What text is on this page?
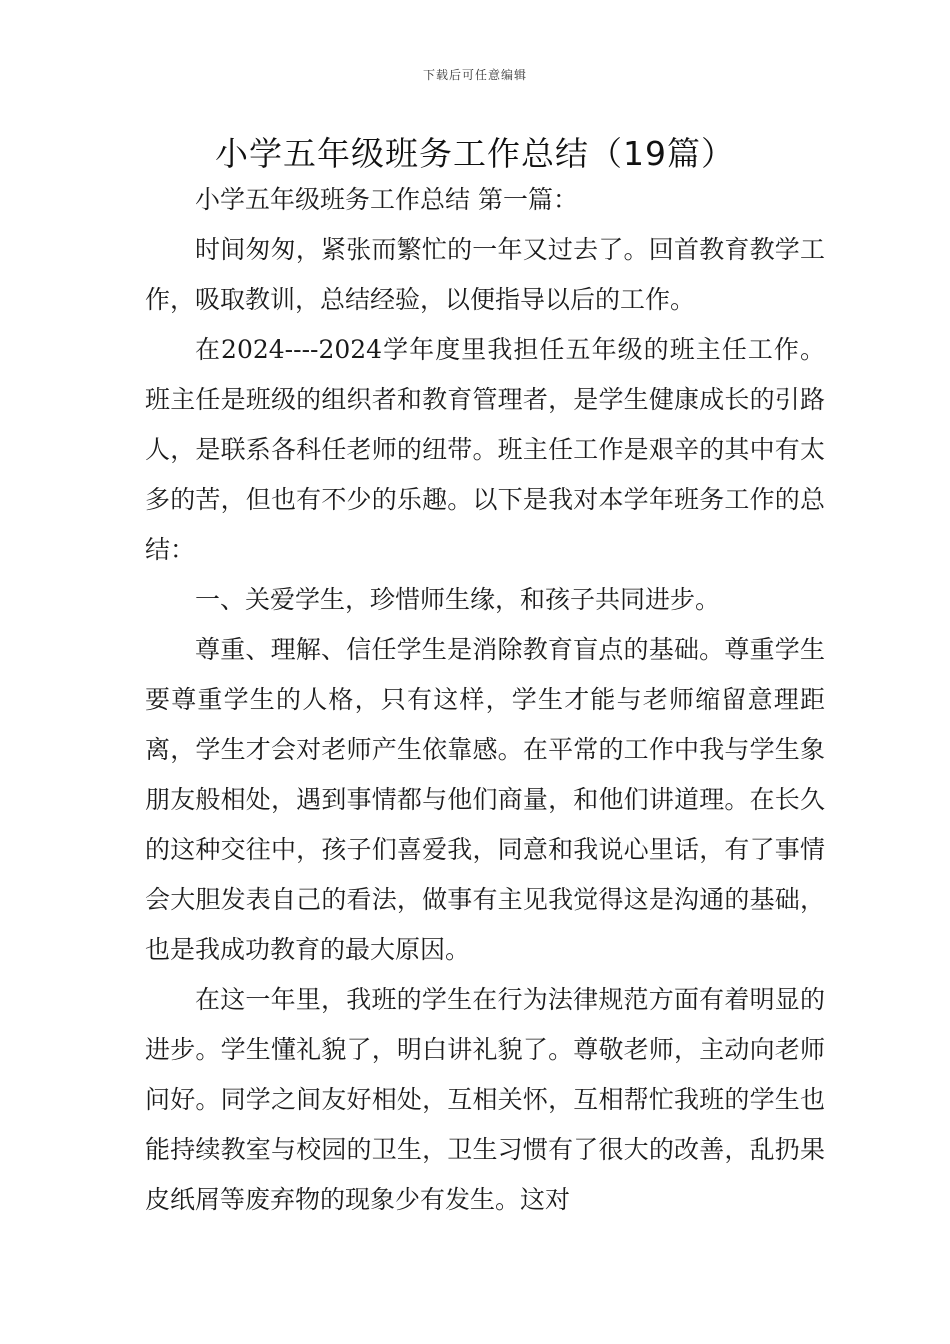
下载后可任意编辑
小学五年级班务工作总结（19篇）

小学五年级班务工作总结 第一篇：

时间匆匆，紧张而繁忙的一年又过去了。回首教育教学工作，吸取教训，总结经验，以便指导以后的工作。

在2024----2024学年度里我担任五年级的班主任工作。班主任是班级的组织者和教育管理者，是学生健康成长的引路人，是联系各科任老师的纽带。班主任工作是艰辛的其中有太多的苦，但也有不少的乐趣。以下是我对本学年班务工作的总结：

一、关爱学生，珍惜师生缘，和孩子共同进步。

尊重、理解、信任学生是消除教育盲点的基础。尊重学生要尊重学生的人格，只有这样，学生才能与老师缩留意理距离，学生才会对老师产生依靠感。在平常的工作中我与学生象朋友般相处，遇到事情都与他们商量，和他们讲道理。在长久的这种交往中，孩子们喜爱我，同意和我说心里话，有了事情会大胆发表自己的看法，做事有主见我觉得这是沟通的基础，也是我成功教育的最大原因。

在这一年里，我班的学生在行为法律规范方面有着明显的进步。学生懂礼貌了，明白讲礼貌了。尊敬老师，主动向老师问好。同学之间友好相处，互相关怀，互相帮忙我班的学生也能持续教室与校园的卫生，卫生习惯有了很大的改善，乱扔果皮纸屑等废弃物的现象少有发生。这对
